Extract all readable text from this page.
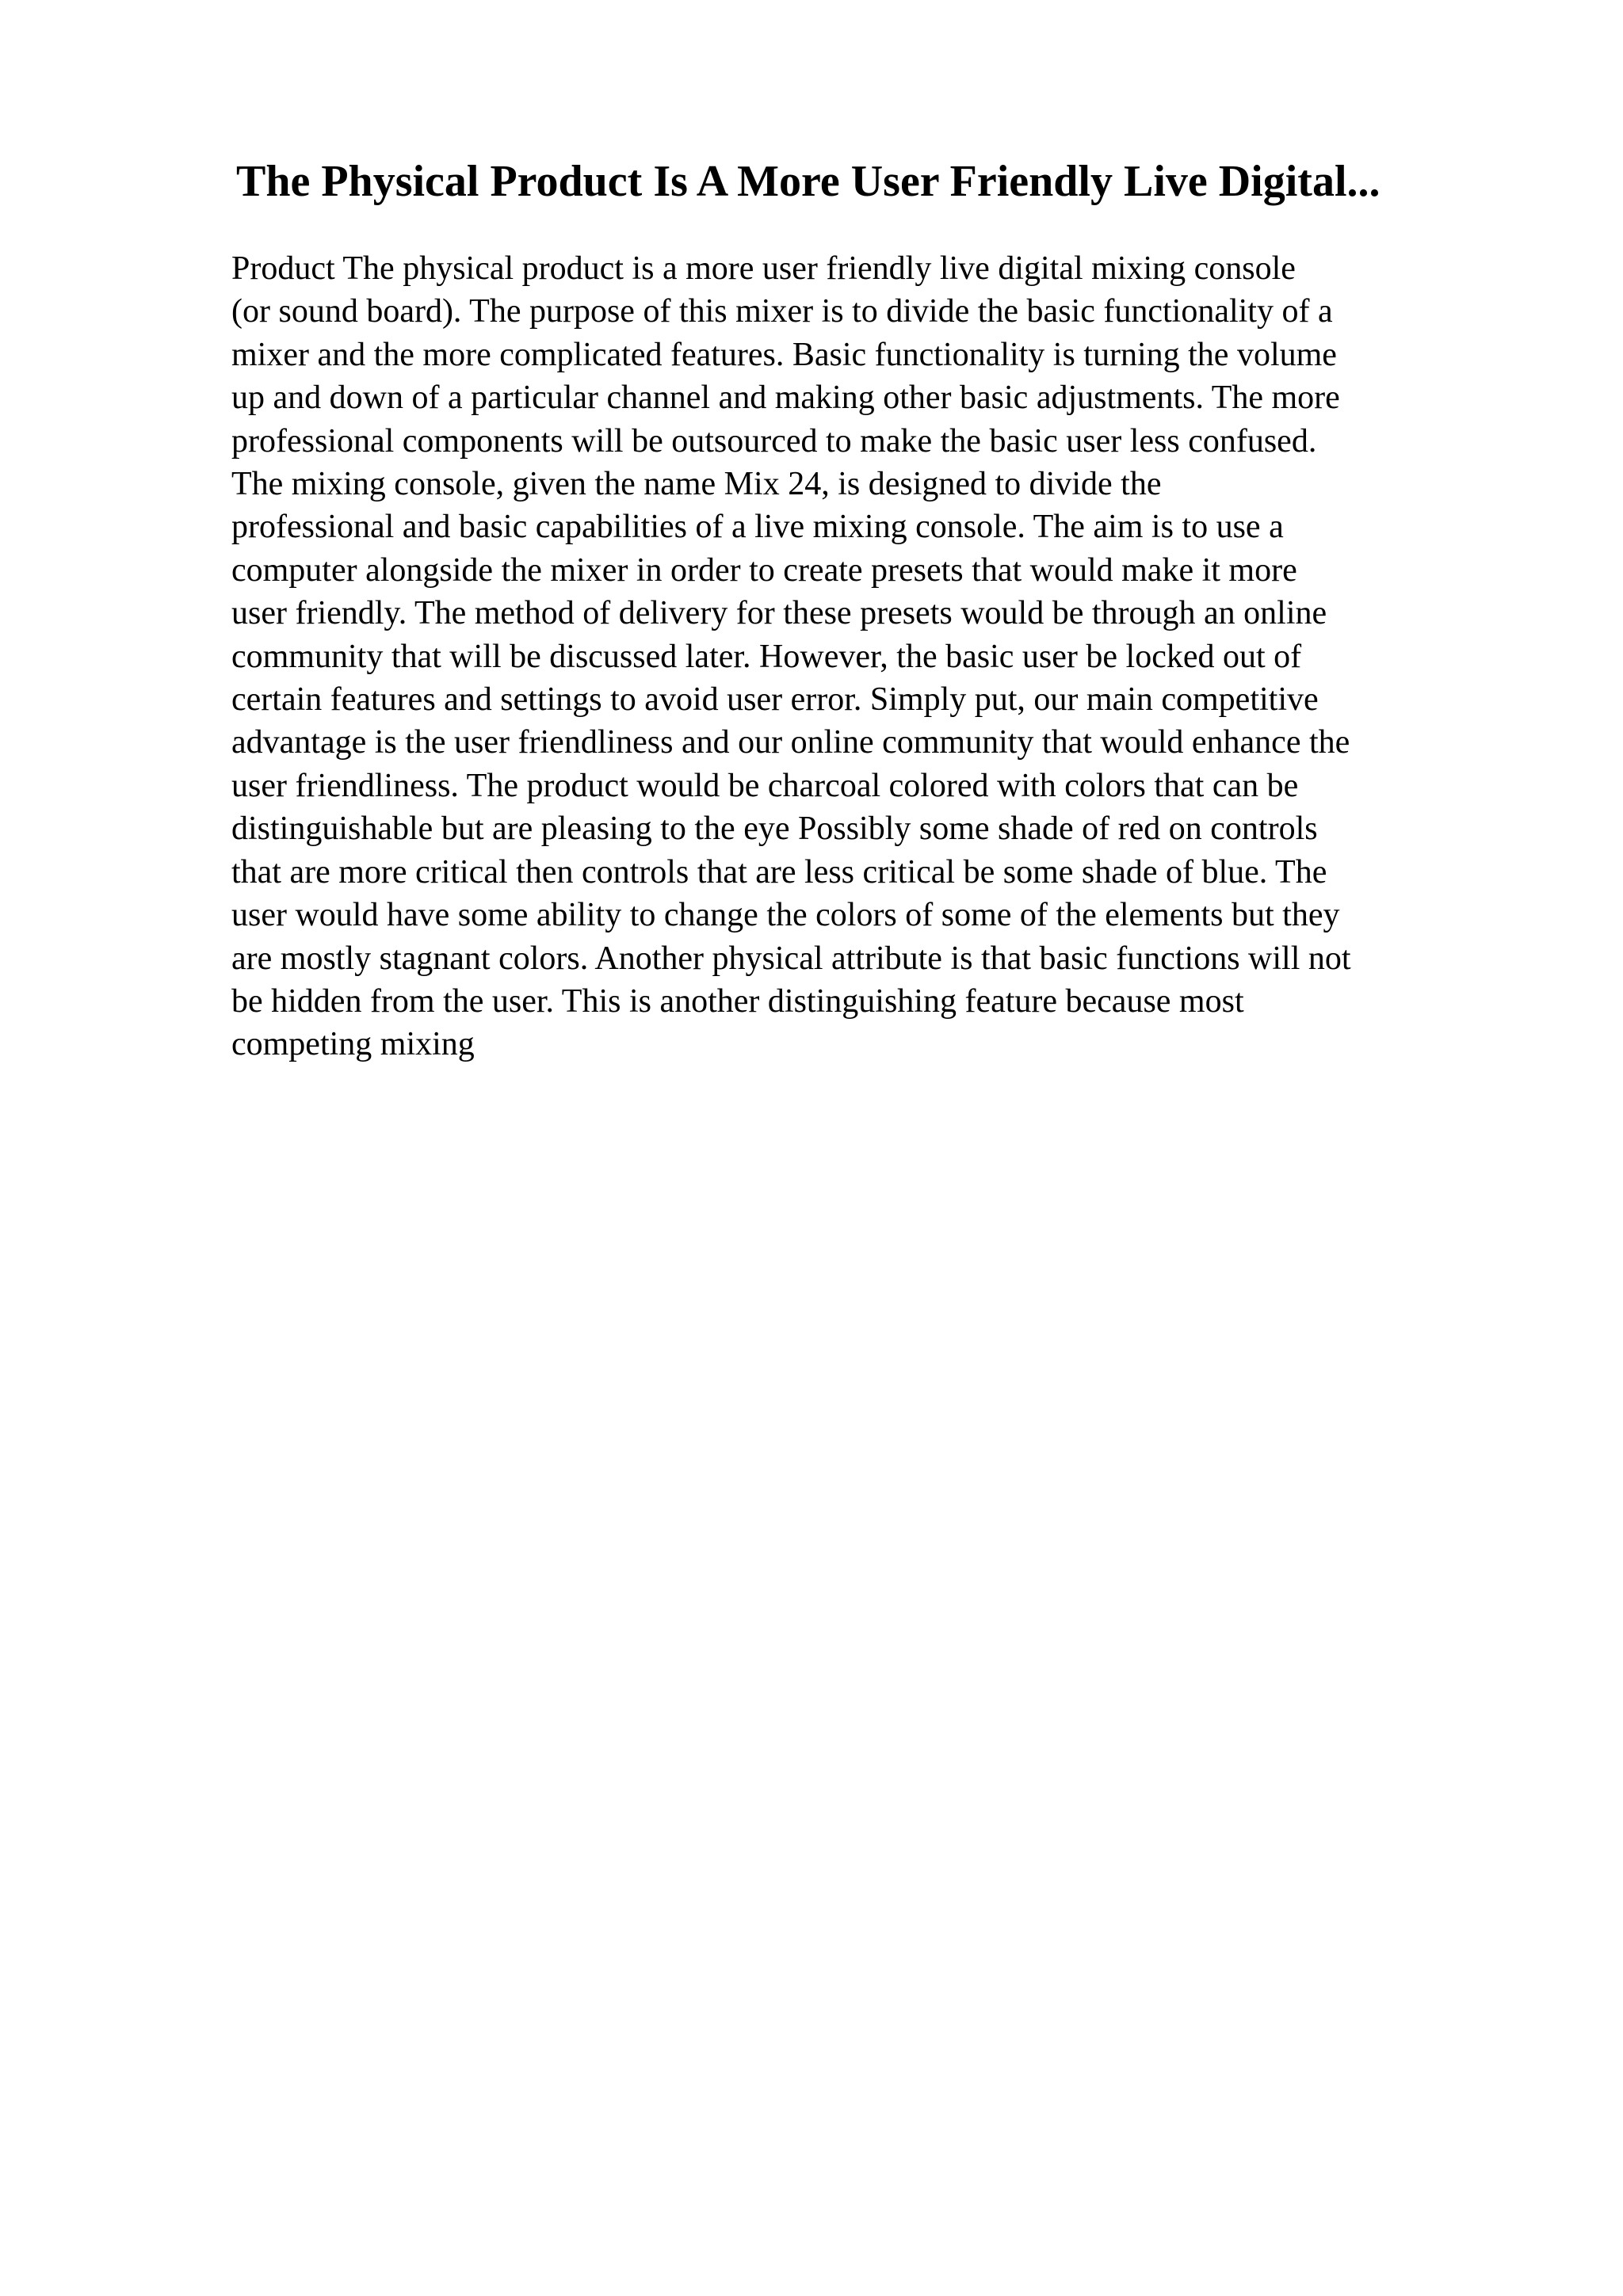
The Physical Product Is A More User Friendly Live Digital...
Product The physical product is a more user friendly live digital mixing console
(or sound board). The purpose of this mixer is to divide the basic functionality of a
mixer and the more complicated features. Basic functionality is turning the volume
up and down of a particular channel and making other basic adjustments. The more
professional components will be outsourced to make the basic user less confused.
The mixing console, given the name Mix 24, is designed to divide the
professional and basic capabilities of a live mixing console. The aim is to use a
computer alongside the mixer in order to create presets that would make it more
user friendly. The method of delivery for these presets would be through an online
community that will be discussed later. However, the basic user be locked out of
certain features and settings to avoid user error. Simply put, our main competitive
advantage is the user friendliness and our online community that would enhance the
user friendliness. The product would be charcoal colored with colors that can be
distinguishable but are pleasing to the eye Possibly some shade of red on controls
that are more critical then controls that are less critical be some shade of blue. The
user would have some ability to change the colors of some of the elements but they
are mostly stagnant colors. Another physical attribute is that basic functions will not
be hidden from the user. This is another distinguishing feature because most
competing mixing
